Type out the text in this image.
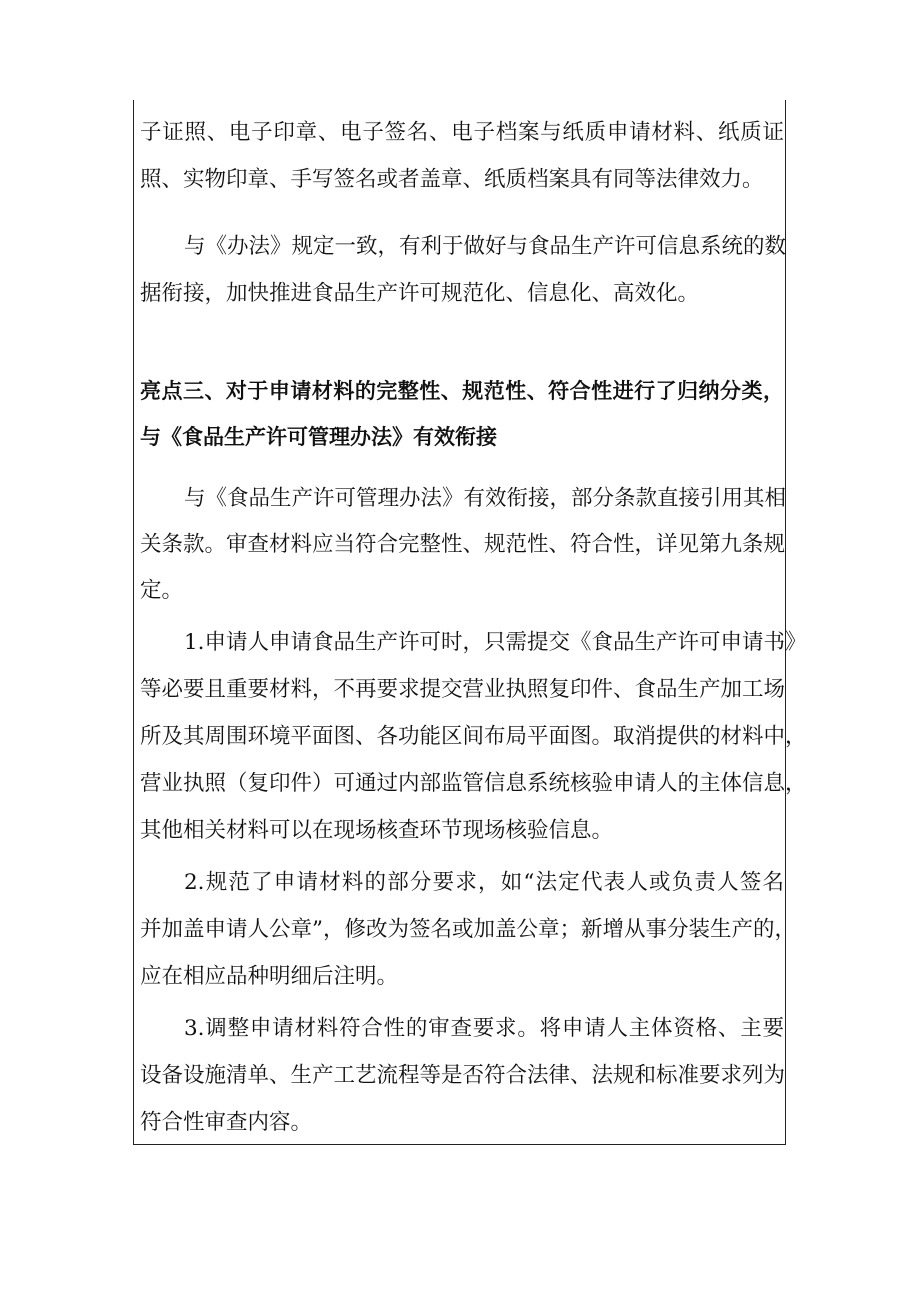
子证照、电子印章、电子签名、电子档案与纸质申请材料、纸质证
照、实物印章、手写签名或者盖章、纸质档案具有同等法律效力。
与《办法》规定一致，有利于做好与食品生产许可信息系统的数
据衔接，加快推进食品生产许可规范化、信息化、高效化。
亮点三、对于申请材料的完整性、规范性、符合性进行了归纳分类，
与《食品生产许可管理办法》有效衔接
与《食品生产许可管理办法》有效衔接，部分条款直接引用其相
关条款。审查材料应当符合完整性、规范性、符合性，详见第九条规
定。
1.申请人申请食品生产许可时，只需提交《食品生产许可申请书》
等必要且重要材料，不再要求提交营业执照复印件、食品生产加工场
所及其周围环境平面图、各功能区间布局平面图。取消提供的材料中，
营业执照（复印件）可通过内部监管信息系统核验申请人的主体信息，
其他相关材料可以在现场核查环节现场核验信息。
2.规范了申请材料的部分要求，如“法定代表人或负责人签名
并加盖申请人公章”，修改为签名或加盖公章；新增从事分装生产的，
应在相应品种明细后注明。
3.调整申请材料符合性的审查要求。将申请人主体资格、主要
设备设施清单、生产工艺流程等是否符合法律、法规和标准要求列为
符合性审查内容。
